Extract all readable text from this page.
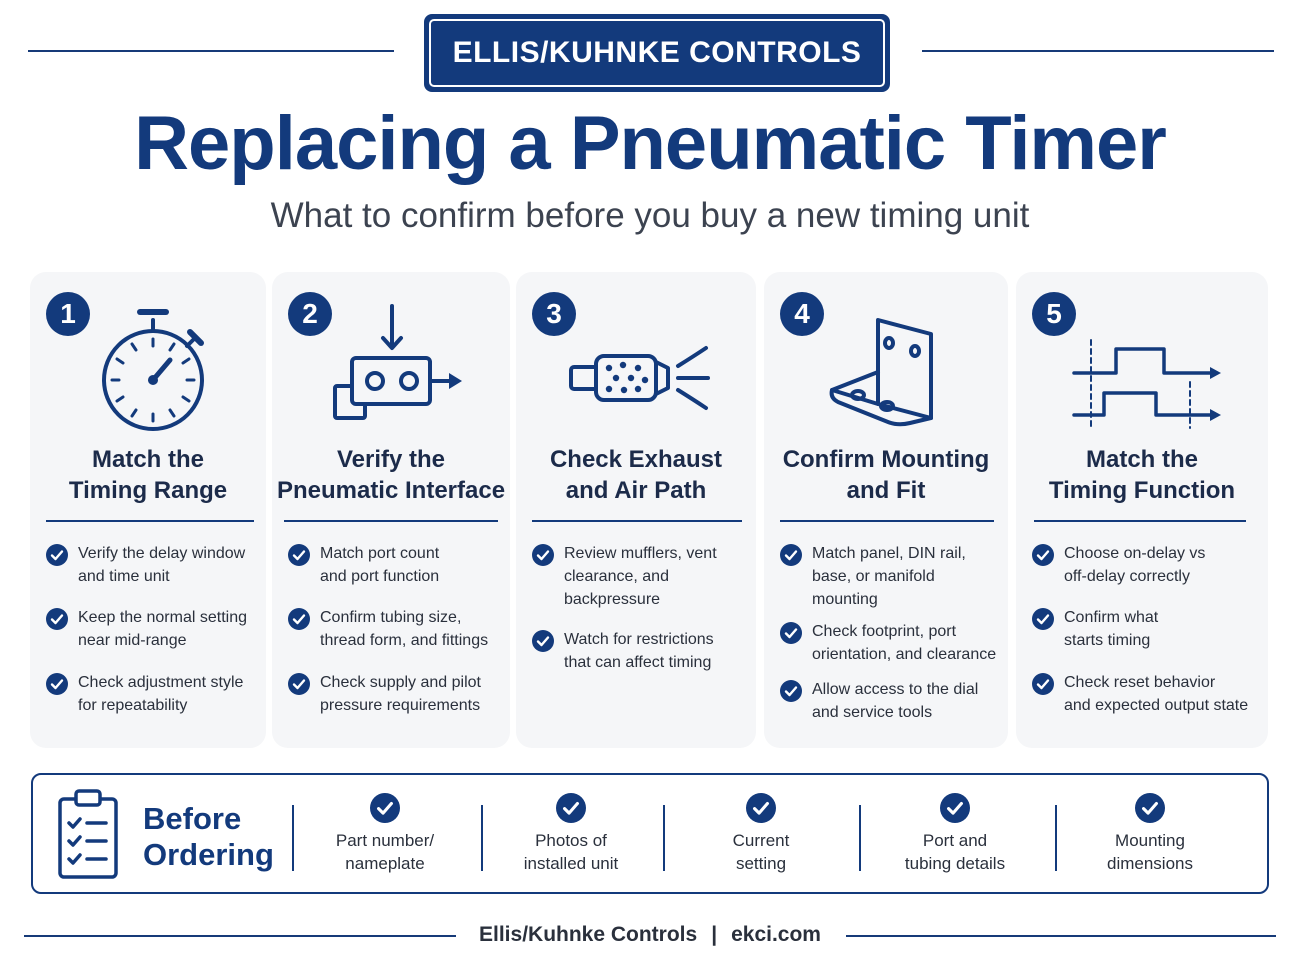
ELLIS/KUHNKE CONTROLS
Replacing a Pneumatic Timer
What to confirm before you buy a new timing unit
1
Match the
Timing Range
Verify the delay window
and time unit
Keep the normal setting
near mid-range
Check adjustment style
for repeatability
2
Verify the
Pneumatic Interface
Match port count
and port function
Confirm tubing size,
thread form, and fittings
Check supply and pilot
pressure requirements
3
Check Exhaust
and Air Path
Review mufflers, vent
clearance, and
backpressure
Watch for restrictions
that can affect timing
4
Confirm Mounting
and Fit
Match panel, DIN rail,
base, or manifold
mounting
Check footprint, port
orientation, and clearance
Allow access to the dial
and service tools
5
Match the
Timing Function
Choose on-delay vs
off-delay correctly
Confirm what
starts timing
Check reset behavior
and expected output state
Before
Ordering	Part number/
nameplate
Photos of
installed unit
Current
setting
Port and
tubing details
Mounting
dimensions
Ellis/Kuhnke Controls | ekci.com
